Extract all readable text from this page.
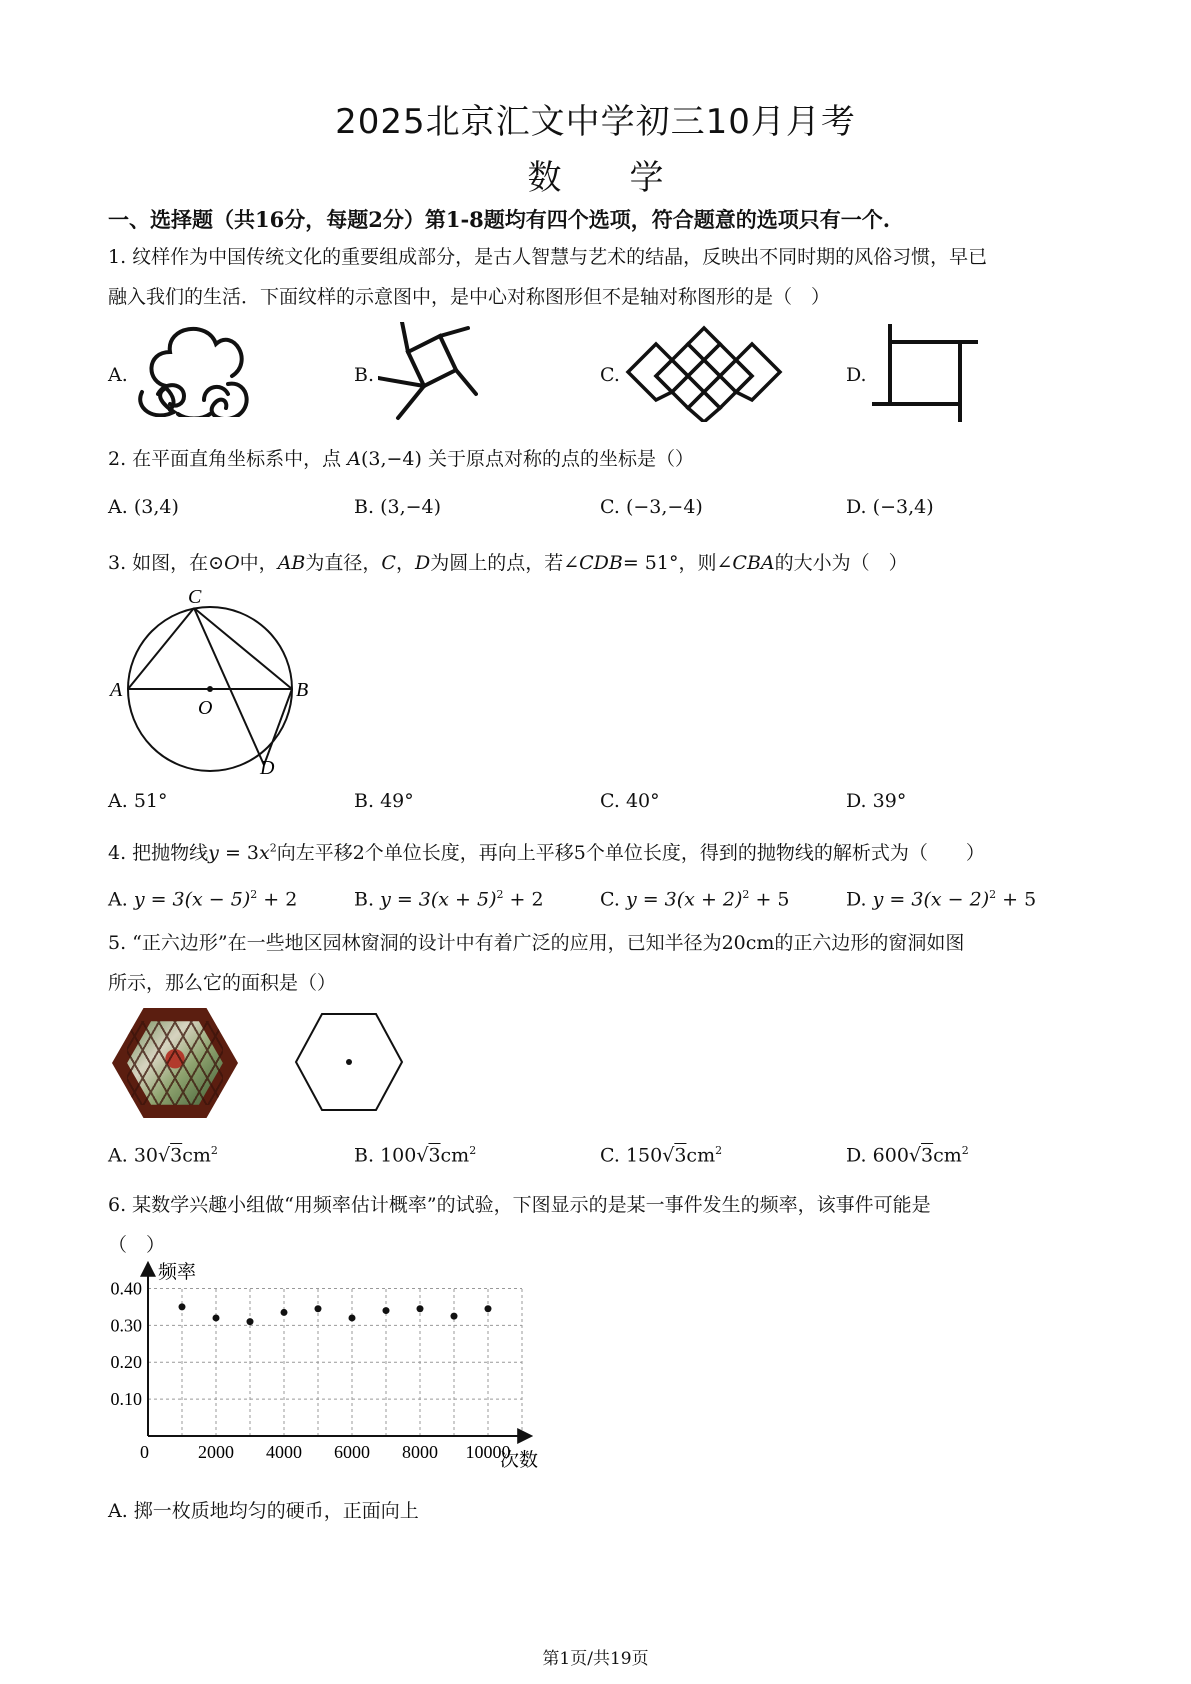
2025北京汇文中学初三10月月考
数　　学
一、选择题（共16分，每题2分）第1-8题均有四个选项，符合题意的选项只有一个.
1. 纹样作为中国传统文化的重要组成部分，是古人智慧与艺术的结晶，反映出不同时期的风俗习惯，早已
融入我们的生活．下面纹样的示意图中，是中心对称图形但不是轴对称图形的是（　）
A.	B.	C.	D.
2. 在平面直角坐标系中，点 A(3,−4) 关于原点对称的点的坐标是（）
A. (3,4)	B. (3,−4)	C. (−3,−4)	D. (−3,4)
3. 如图，在⊙O中，AB为直径，C，D为圆上的点，若∠CDB= 51°，则∠CBA的大小为（　）
C
A	B
O
D
A. 51°	B. 49°	C. 40°	D. 39°
4. 把抛物线$y = 3x^2$向左平移2个单位长度，再向上平移5个单位长度，得到的抛物线的解析式为（　　）
A. $y = 3(x - 5)^2 + 2$	B. $y = 3(x + 5)^2 + 2$	C. $y = 3(x + 2)^2 + 5$	D. $y = 3(x - 2)^2 + 5$
5. “正六边形”在一些地区园林窗洞的设计中有着广泛的应用，已知半径为20cm的正六边形的窗洞如图
所示，那么它的面积是（）
A. $30√3cm^2$	B. $100√3cm^2$	C. $150√3cm^2$	D. $600√3cm^2$
6. 某数学兴趣小组做“用频率估计概率”的试验，下图显示的是某一事件发生的频率，该事件可能是
（　）
0.10
0.20
0.30
0.40
2000 4000 6000 8000 10000
频率
次数
0
A. 掷一枚质地均匀的硬币，正面向上
第1页/共19页
